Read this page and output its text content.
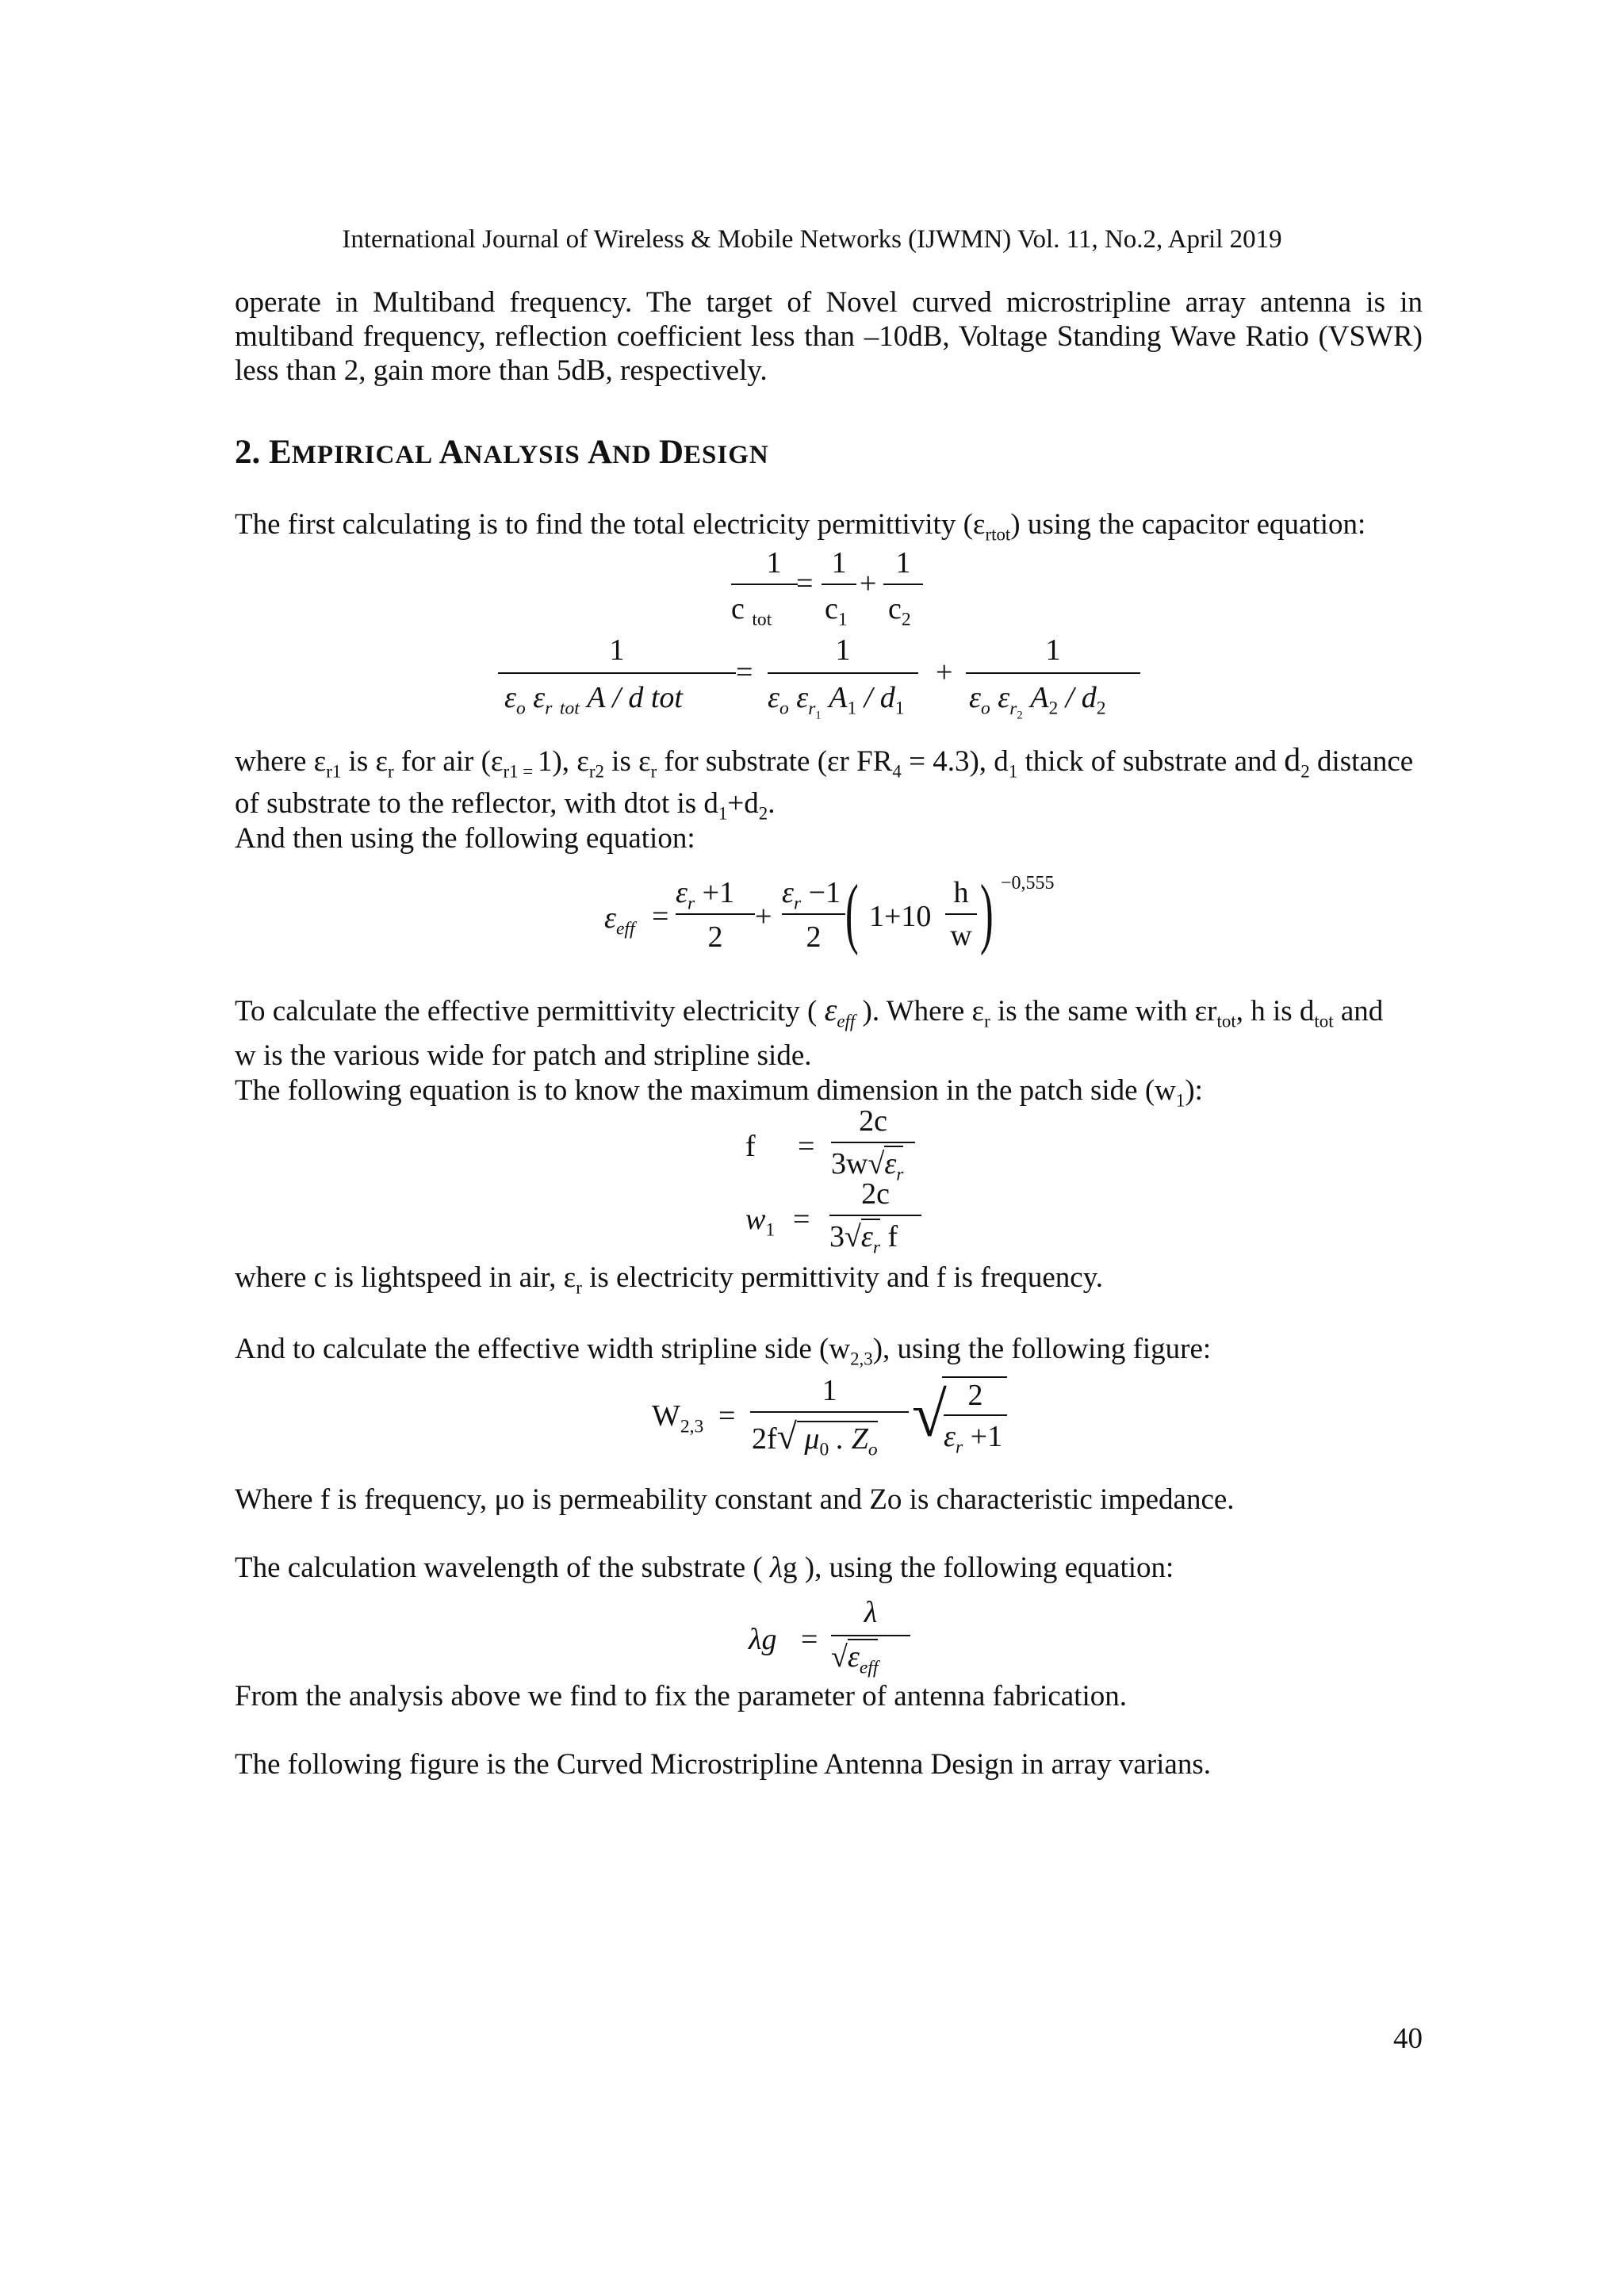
International Journal of Wireless & Mobile Networks (IJWMN) Vol. 11, No.2, April 2019
operate in Multiband frequency. The target of Novel curved microstripline array antenna is in multiband frequency, reflection coefficient less than –10dB, Voltage Standing Wave Ratio (VSWR) less than 2, gain more than 5dB, respectively.
2. EMPIRICAL ANALYSIS AND DESIGN
The first calculating is to find the total electricity permittivity $(\varepsilon_{rtot})$ using the capacitor equation:
1
c $_{tot}$
=
1
$c_1$
+
1
$c_2$
1
$\varepsilon_o$ $\varepsilon_r$ $_{tot}$ A / d tot
=
1
$\varepsilon_o$ $\varepsilon_{r_1}$ $A_1 / d_1$
+
1
$\varepsilon_o$ $\varepsilon_{r_2}$ $A_2 / d_2$
where $\varepsilon_{r1}$ is $\varepsilon_r$ for air ($\varepsilon_{r1 =}$ 1), $\varepsilon_{r2}$ is $\varepsilon_r$ for substrate (εr $FR_4 = 4.3$), $d_1$ thick of substrate and $d_2$ distance
of substrate to the reflector, with dtot is $d_1+d_2$.
And then using the following equation:
$\varepsilon_{eff}$ =
$\varepsilon_r +1$
2
+
$\varepsilon_r -1$
2 ( 1+10
h
w ) −0,555
To calculate the effective permittivity electricity ( $\varepsilon_{eff}$ ). Where $\varepsilon_r$ is the same with $\varepsilon r_{tot}$, h is $d_{tot}$ and
w is the various wide for patch and stripline side.
The following equation is to know the maximum dimension in the patch side $(w_1)$:
f =
2c
$3w√\varepsilon_r$
$w_1$ =
2c
$3√\varepsilon_r$ f
where c is lightspeed in air, $\varepsilon_r$ is electricity permittivity and f is frequency.
And to calculate the effective width stripline side $(w_{2,3})$, using the following figure:
$W_{2,3}$ =
1
2f√ $\mu_0$ . $Z_o$ √ 2
$\varepsilon_r +1$
Where f is frequency, μo is permeability constant and Zo is characteristic impedance.
The calculation wavelength of the substrate ( λg ), using the following equation:
λg =
λ
$√\varepsilon_{eff}$
From the analysis above we find to fix the parameter of antenna fabrication.
The following figure is the Curved Microstripline Antenna Design in array varians.
40
